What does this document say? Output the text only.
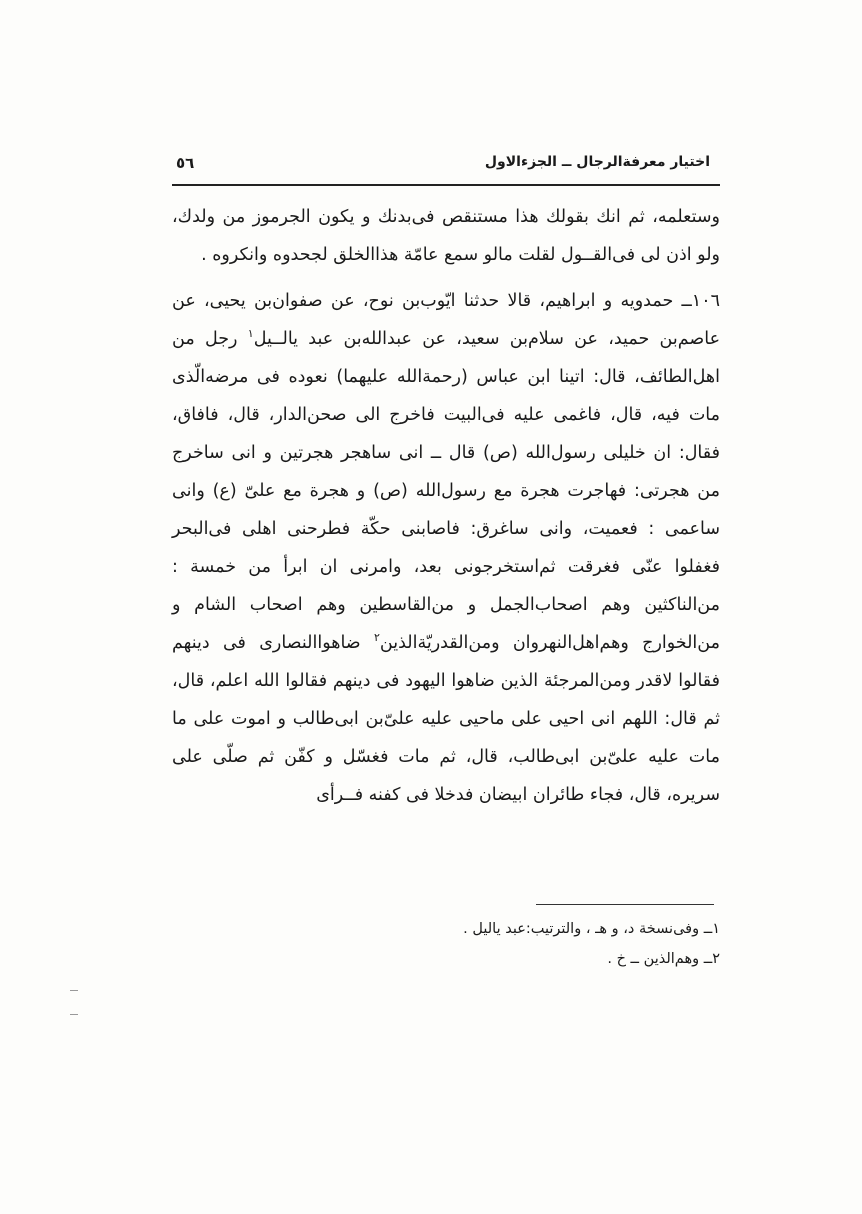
اختيار معرفةالرجال ــ الجزءالاول
٥٦

وستعلمه، ثم انك بقولك هذا مستنقص فی‌بدنك و يكون الجرموز من ولدك، ولو اذن لی فی‌القــول لقلت مالو سمع عامّة هذاالخلق لجحدوه وانكروه .

١٠٦ــ حمدويه و ابراهيم، قالا حدثنا ايّوب‌بن نوح، عن صفوان‌بن يحيی، عن عاصم‌بن حميد، عن سلام‌بن سعيد، عن عبدالله‌بن عبد يالــيل$^١$ رجل من اهل‌الطائف، قال: اتينا ابن عباس (رحمةالله عليهما) نعوده فی مرضه‌الّذی مات فيه، قال، فاغمی عليه فی‌البيت فاخرج الی صحن‌الدار، قال، فافاق، فقال: ان خليلی رسول‌الله (ص) قال ــ انی ساهجر هجرتين و انی ساخرج من هجرتی: فهاجرت هجرة مع رسول‌الله (ص) و هجرة مع علیّ (ع) وانی ساعمی : فعميت، وانی ساغرق: فاصابنی حكّة فطرحنی اهلی فی‌البحر فغفلوا عنّی فغرقت ثم‌استخرجونی بعد، وامرنی ان ابرأ من خمسة : من‌الناكثين وهم اصحاب‌الجمل و من‌القاسطين وهم اصحاب الشام و من‌الخوارج وهم‌اهل‌النهروان ومن‌القدريّة‌الذين$^٢$ ضاهوا‌النصاری فی دينهم فقالوا لاقدر ومن‌المرجئة الذين ضاهوا اليهود فی دينهم فقالوا الله اعلم، قال، ثم قال: اللهم انی احيی علی ماحيی عليه علیّ‌بن ابی‌طالب و اموت علی ما مات عليه علیّ‌بن ابی‌طالب، قال، ثم مات فغسّل و كفّن ثم صلّی علی سريره، قال، فجاء طائران ابيضان فدخلا فی كفنه فــرأی

١ــ وفی‌نسخة د، و هـ ، والترتيب:عبد ياليل .
٢ــ وهم‌الذين ــ خ .
